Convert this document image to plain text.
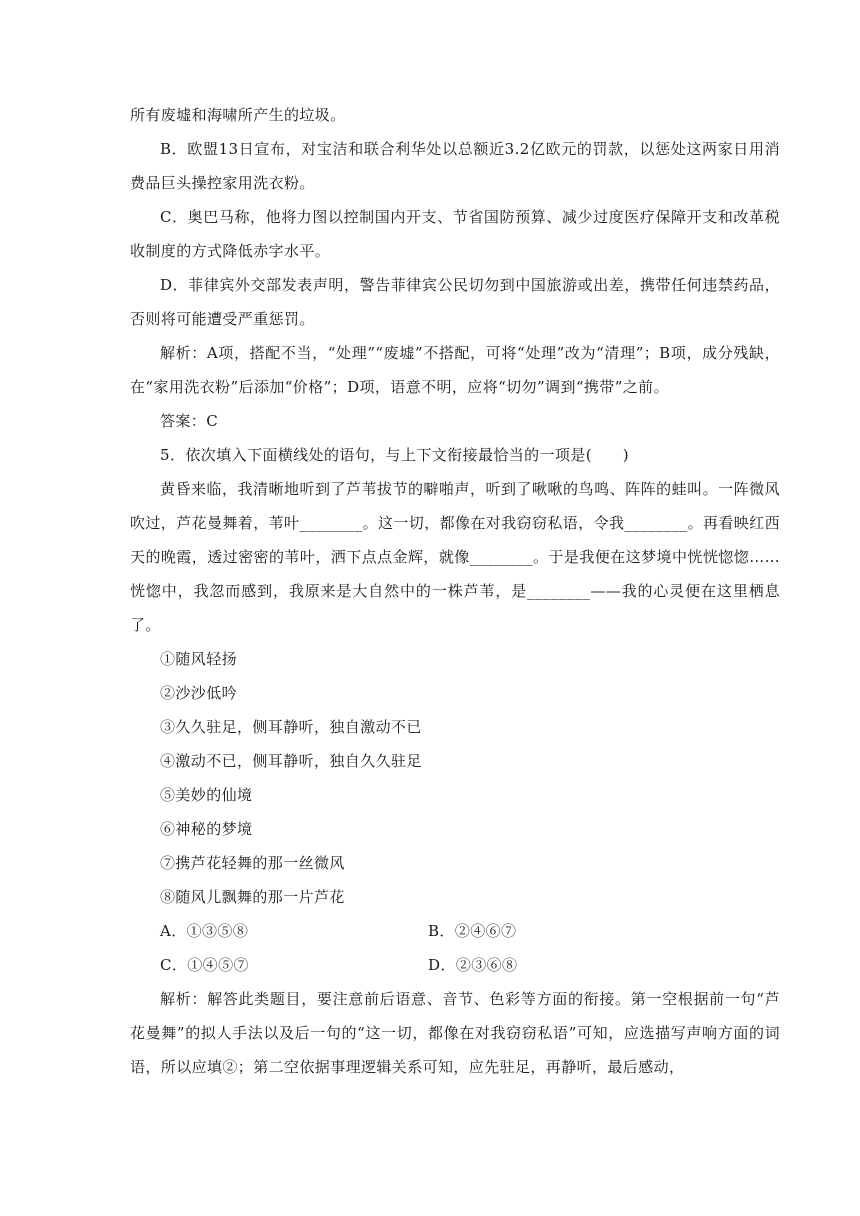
所有废墟和海啸所产生的垃圾。

B．欧盟13日宣布，对宝洁和联合利华处以总额近3.2亿欧元的罚款，以惩处这两家日用消费品巨头操控家用洗衣粉。

C．奥巴马称，他将力图以控制国内开支、节省国防预算、减少过度医疗保障开支和改革税收制度的方式降低赤字水平。

D．菲律宾外交部发表声明，警告菲律宾公民切勿到中国旅游或出差，携带任何违禁药品，否则将可能遭受严重惩罚。

解析：A项，搭配不当，“处理”“废墟”不搭配，可将“处理”改为“清理”；B项，成分残缺，在“家用洗衣粉”后添加“价格”；D项，语意不明，应将“切勿”调到“携带”之前。

答案：C

5．依次填入下面横线处的语句，与上下文衔接最恰当的一项是(　　)

黄昏来临，我清晰地听到了芦苇拔节的噼啪声，听到了啾啾的鸟鸣、阵阵的蛙叫。一阵微风吹过，芦花曼舞着，苇叶________。这一切，都像在对我窃窃私语，令我________。再看映红西天的晚霞，透过密密的苇叶，洒下点点金辉，就像________。于是我便在这梦境中恍恍惚惚……恍惚中，我忽而感到，我原来是大自然中的一株芦苇，是________——我的心灵便在这里栖息了。

①随风轻扬

②沙沙低吟

③久久驻足，侧耳静听，独自激动不已

④激动不已，侧耳静听，独自久久驻足

⑤美妙的仙境

⑥神秘的梦境

⑦携芦花轻舞的那一丝微风

⑧随风儿飘舞的那一片芦花

A．①③⑤⑧	B．②④⑥⑦
C．①④⑤⑦	D．②③⑥⑧

解析：解答此类题目，要注意前后语意、音节、色彩等方面的衔接。第一空根据前一句“芦花曼舞”的拟人手法以及后一句的“这一切，都像在对我窃窃私语”可知，应选描写声响方面的词语，所以应填②；第二空依据事理逻辑关系可知，应先驻足，再静听，最后感动，
